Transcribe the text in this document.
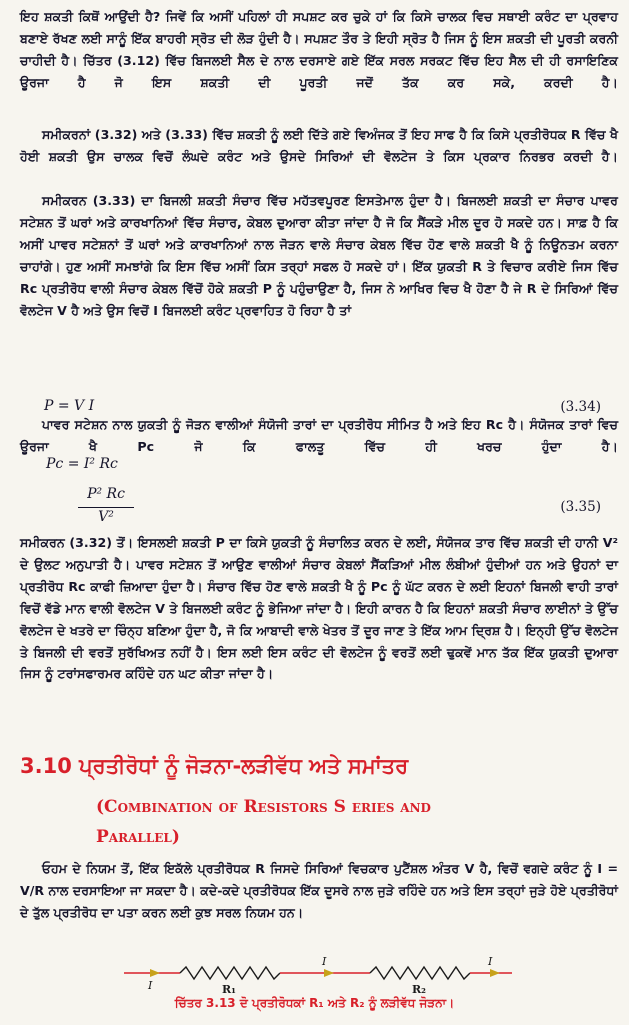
ਇਹ ਸ਼ਕਤੀ ਕਿਥੋਂ ਆਉਂਦੀ ਹੈ? ਜਿਵੇਂ ਕਿ ਅਸੀਂ ਪਹਿਲਾਂ ਹੀ ਸਪਸ਼ਟ ਕਰ ਚੁਕੇ ਹਾਂ ਕਿ ਕਿਸੇ ਚਾਲਕ ਵਿਚ ਸਥਾਈ ਕਰੰਟ ਦਾ ਪ੍ਰਵਾਹ ਬਣਾਏ ਰੱਖਣ ਲਈ ਸਾਨੂੰ ਇੱਕ ਬਾਹਰੀ ਸ੍ਰੋਤ ਦੀ ਲੋੜ ਹੁੰਦੀ ਹੈ। ਸਪਸ਼ਟ ਤੌਰ ਤੇ ਇਹੀ ਸ੍ਰੋਤ ਹੈ ਜਿਸ ਨੂੰ ਇਸ ਸ਼ਕਤੀ ਦੀ ਪੂਰਤੀ ਕਰਨੀ ਚਾਹੀਦੀ ਹੈ। ਚਿੱਤਰ (3.12) ਵਿੱਚ ਬਿਜਲਈ ਸੈਲ ਦੇ ਨਾਲ ਦਰਸਾਏ ਗਏ ਇੱਕ ਸਰਲ ਸਰਕਟ ਵਿੱਚ ਇਹ ਸੈਲ ਦੀ ਹੀ ਰਸਾਇਣਿਕ ਊਰਜਾ ਹੈ ਜੋ ਇਸ ਸ਼ਕਤੀ ਦੀ ਪੂਰਤੀ ਜਦੋਂ ਤੱਕ ਕਰ ਸਕੇ, ਕਰਦੀ ਹੈ।
ਸਮੀਕਰਨਾਂ (3.32) ਅਤੇ (3.33) ਵਿੱਚ ਸ਼ਕਤੀ ਨੂੰ ਲਈ ਦਿੱਤੇ ਗਏ ਵਿਅੰਜਕ ਤੋਂ ਇਹ ਸਾਫ ਹੈ ਕਿ ਕਿਸੇ ਪ੍ਰਤੀਰੋਧਕ R ਵਿੱਚ ਖੈ ਹੋਈ ਸ਼ਕਤੀ ਉਸ ਚਾਲਕ ਵਿਚੋਂ ਲੰਘਦੇ ਕਰੰਟ ਅਤੇ ਉਸਦੇ ਸਿਰਿਆਂ ਦੀ ਵੋਲਟੇਜ ਤੇ ਕਿਸ ਪ੍ਰਕਾਰ ਨਿਰਭਰ ਕਰਦੀ ਹੈ।
ਸਮੀਕਰਨ (3.33) ਦਾ ਬਿਜਲੀ ਸ਼ਕਤੀ ਸੰਚਾਰ ਵਿੱਚ ਮਹੱਤਵਪੂਰਣ ਇਸਤੇਮਾਲ ਹੁੰਦਾ ਹੈ। ਬਿਜਲਈ ਸ਼ਕਤੀ ਦਾ ਸੰਚਾਰ ਪਾਵਰ ਸਟੇਸ਼ਨ ਤੋਂ ਘਰਾਂ ਅਤੇ ਕਾਰਖਾਨਿਆਂ ਵਿੱਚ ਸੰਚਾਰ, ਕੇਬਲ ਦੁਆਰਾ ਕੀਤਾ ਜਾਂਦਾ ਹੈ ਜੋ ਕਿ ਸੈਂਕੜੇ ਮੀਲ ਦੂਰ ਹੋ ਸਕਦੇ ਹਨ। ਸਾਫ਼ ਹੈ ਕਿ ਅਸੀਂ ਪਾਵਰ ਸਟੇਸ਼ਨਾਂ ਤੋਂ ਘਰਾਂ ਅਤੇ ਕਾਰਖਾਨਿਆਂ ਨਾਲ ਜੋੜਨ ਵਾਲੇ ਸੰਚਾਰ ਕੇਬਲ ਵਿੱਚ ਹੋਣ ਵਾਲੇ ਸ਼ਕਤੀ ਖੈ ਨੂੰ ਨਿਊਨਤਮ ਕਰਨਾ ਚਾਹਾਂਗੇ। ਹੁਣ ਅਸੀਂ ਸਮਝਾਂਗੇ ਕਿ ਇਸ ਵਿੱਚ ਅਸੀਂ ਕਿਸ ਤਰ੍ਹਾਂ ਸਫਲ ਹੋ ਸਕਦੇ ਹਾਂ। ਇੱਕ ਯੁਕਤੀ R ਤੇ ਵਿਚਾਰ ਕਰੀਏ ਜਿਸ ਵਿੱਚ Rc ਪ੍ਰਤੀਰੋਧ ਵਾਲੀ ਸੰਚਾਰ ਕੇਬਲ ਵਿੱਚੋਂ ਹੋਕੇ ਸ਼ਕਤੀ P ਨੂੰ ਪਹੁੰਚਾਉਣਾ ਹੈ, ਜਿਸ ਨੇ ਆਖਿਰ ਵਿਚ ਖੈ ਹੋਣਾ ਹੈ ਜੇ R ਦੇ ਸਿਰਿਆਂ ਵਿੱਚ ਵੋਲਟੇਜ V ਹੈ ਅਤੇ ਉਸ ਵਿਚੋਂ I ਬਿਜਲਈ ਕਰੰਟ ਪ੍ਰਵਾਹਿਤ ਹੋ ਰਿਹਾ ਹੈ ਤਾਂ
P = V I	(3.34)
ਪਾਵਰ ਸਟੇਸ਼ਨ ਨਾਲ ਯੁਕਤੀ ਨੂੰ ਜੋੜਨ ਵਾਲੀਆਂ ਸੰਯੋਜੀ ਤਾਰਾਂ ਦਾ ਪ੍ਰਤੀਰੋਧ ਸੀਮਿਤ ਹੈ ਅਤੇ ਇਹ Rc ਹੈ। ਸੰਯੋਜਕ ਤਾਰਾਂ ਵਿਚ ਊਰਜਾ ਖੈ Pc ਜੋ ਕਿ ਫਾਲਤੂ ਵਿੱਚ ਹੀ ਖਰਚ ਹੁੰਦਾ ਹੈ।
Pc = I² Rc
P² Rc
V²
(3.35)
ਸਮੀਕਰਨ (3.32) ਤੋਂ। ਇਸਲਈ ਸ਼ਕਤੀ P ਦਾ ਕਿਸੇ ਯੁਕਤੀ ਨੂੰ ਸੰਚਾਲਿਤ ਕਰਨ ਦੇ ਲਈ, ਸੰਯੋਜਕ ਤਾਰ ਵਿੱਚ ਸ਼ਕਤੀ ਦੀ ਹਾਨੀ V² ਦੇ ਉਲਟ ਅਨੁਪਾਤੀ ਹੈ। ਪਾਵਰ ਸਟੇਸ਼ਨ ਤੋਂ ਆਉਣ ਵਾਲੀਆਂ ਸੰਚਾਰ ਕੇਬਲਾਂ ਸੈਂਕੜਿਆਂ ਮੀਲ ਲੰਬੀਆਂ ਹੁੰਦੀਆਂ ਹਨ ਅਤੇ ਉਹਨਾਂ ਦਾ ਪ੍ਰਤੀਰੋਧ Rc ਕਾਫੀ ਜ਼ਿਆਦਾ ਹੁੰਦਾ ਹੈ। ਸੰਚਾਰ ਵਿੱਚ ਹੋਣ ਵਾਲੇ ਸ਼ਕਤੀ ਖੈ ਨੂੰ Pc ਨੂੰ ਘੱਟ ਕਰਨ ਦੇ ਲਈ ਇਹਨਾਂ ਬਿਜਲੀ ਵਾਹੀ ਤਾਰਾਂ ਵਿਚੋਂ ਵੱਡੇ ਮਾਨ ਵਾਲੀ ਵੋਲਟੇਜ V ਤੇ ਬਿਜਲਈ ਕਰੰਟ ਨੂੰ ਭੇਜਿਆ ਜਾਂਦਾ ਹੈ। ਇਹੀ ਕਾਰਨ ਹੈ ਕਿ ਇਹਨਾਂ ਸ਼ਕਤੀ ਸੰਚਾਰ ਲਾਈਨਾਂ ਤੇ ਉੱਚ ਵੋਲਟੇਜ ਦੇ ਖਤਰੇ ਦਾ ਚਿੰਨ੍ਹ ਬਣਿਆ ਹੁੰਦਾ ਹੈ, ਜੋ ਕਿ ਆਬਾਦੀ ਵਾਲੇ ਖੇਤਰ ਤੋਂ ਦੂਰ ਜਾਣ ਤੇ ਇੱਕ ਆਮ ਦ੍ਰਿਸ਼ ਹੈ। ਇਨ੍ਹੀ ਉੱਚ ਵੋਲਟੇਜ ਤੇ ਬਿਜਲੀ ਦੀ ਵਰਤੋਂ ਸੁਰੱਖਿਅਤ ਨਹੀਂ ਹੈ। ਇਸ ਲਈ ਇਸ ਕਰੰਟ ਦੀ ਵੋਲਟੇਜ ਨੂੰ ਵਰਤੋਂ ਲਈ ਢੁਕਵੇਂ ਮਾਨ ਤੱਕ ਇੱਕ ਯੁਕਤੀ ਦੁਆਰਾ ਜਿਸ ਨੂੰ ਟਰਾਂਸਫਾਰਮਰ ਕਹਿੰਦੇ ਹਨ ਘਟ ਕੀਤਾ ਜਾਂਦਾ ਹੈ।
3.10 ਪ੍ਰਤੀਰੋਧਾਂ ਨੂੰ ਜੋੜਨਾ-ਲੜੀਵੱਧ ਅਤੇ ਸਮਾਂਤਰ
(Combination of Resistors S eries and
Parallel)
ਓਹਮ ਦੇ ਨਿਯਮ ਤੋਂ, ਇੱਕ ਇਕੱਲੇ ਪ੍ਰਤੀਰੋਧਕ R ਜਿਸਦੇ ਸਿਰਿਆਂ ਵਿਚਕਾਰ ਪੁਟੈਂਸ਼ਲ ਅੰਤਰ V ਹੈ, ਵਿਚੋਂ ਵਗਦੇ ਕਰੰਟ ਨੂੰ I = V/R ਨਾਲ ਦਰਸਾਇਆ ਜਾ ਸਕਦਾ ਹੈ। ਕਦੇ-ਕਦੇ ਪ੍ਰਤੀਰੋਧਕ ਇੱਕ ਦੂਸਰੇ ਨਾਲ ਜੁੜੇ ਰਹਿੰਦੇ ਹਨ ਅਤੇ ਇਸ ਤਰ੍ਹਾਂ ਜੁੜੇ ਹੋਏ ਪ੍ਰਤੀਰੋਧਾਂ ਦੇ ਤੁੱਲ ਪ੍ਰਤੀਰੋਧ ਦਾ ਪਤਾ ਕਰਨ ਲਈ ਕੁਝ ਸਰਲ ਨਿਯਮ ਹਨ।
I
I	I
R₁	R₂
ਚਿੱਤਰ 3.13 ਦੋ ਪ੍ਰਤੀਰੋਧਕਾਂ R₁ ਅਤੇ R₂ ਨੂੰ ਲੜੀਵੱਧ ਜੋੜਨਾ।
